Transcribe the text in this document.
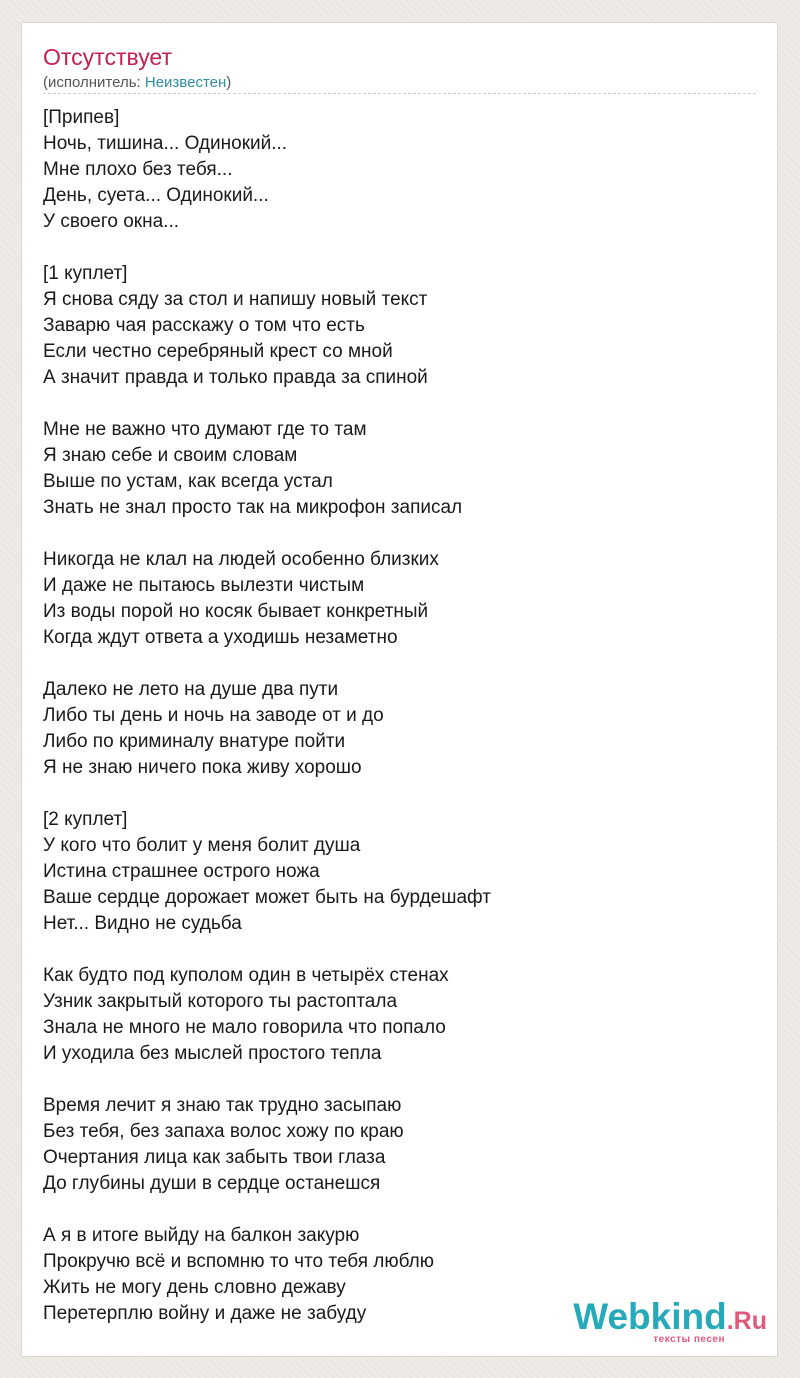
Отсутствует
(исполнитель: Неизвестен)
[Припев]
Ночь, тишина... Одинокий...
Мне плохо без тебя...
День, суета... Одинокий...
У своего окна...
[1 куплет]
Я снова сяду за стол и напишу новый текст
Заварю чая расскажу о том что есть
Если честно серебряный крест со мной
А значит правда и только правда за спиной
Мне не важно что думают где то там
Я знаю себе и своим словам
Выше по устам, как всегда устал
Знать не знал просто так на микрофон записал
Никогда не клал на людей особенно близких
И даже не пытаюсь вылезти чистым
Из воды порой но косяк бывает конкретный
Когда ждут ответа а уходишь незаметно
Далеко не лето на душе два пути
Либо ты день и ночь на заводе от и до
Либо по криминалу внатуре пойти
Я не знаю ничего пока живу хорошо
[2 куплет]
У кого что болит у меня болит душа
Истина страшнее острого ножа
Ваше сердце дорожает может быть на бурдешафт
Нет... Видно не судьба
Как будто под куполом один в четырёх стенах
Узник закрытый которого ты растоптала
Знала не много не мало говорила что попало
И уходила без мыслей простого тепла
Время лечит я знаю так трудно засыпаю
Без тебя, без запаха волос хожу по краю
Очертания лица как забыть твои глаза
До глубины души в сердце останешся
А я в итоге выйду на балкон закурю
Прокручю всё и вспомню то что тебя люблю
Жить не могу день словно дежаву
Перетерплю войну и даже не забуду	Webkind.Ru
тексты песен
